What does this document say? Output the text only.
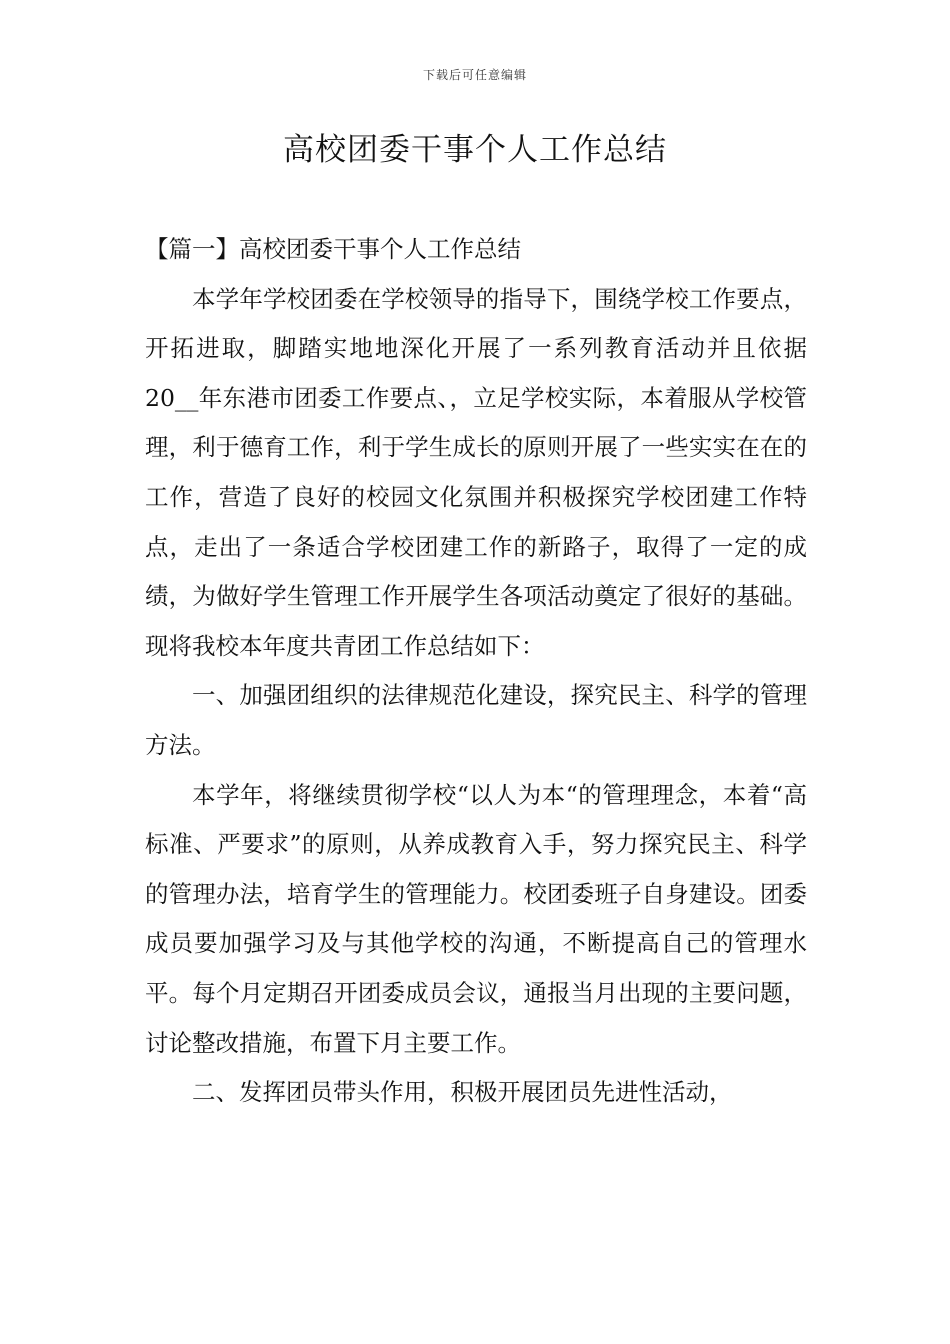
下载后可任意编辑
高校团委干事个人工作总结

【篇一】高校团委干事个人工作总结

本学年学校团委在学校领导的指导下，围绕学校工作要点，开拓进取，脚踏实地地深化开展了一系列教育活动并且依据20__年东港市团委工作要点、，立足学校实际，本着服从学校管理，利于德育工作，利于学生成长的原则开展了一些实实在在的工作，营造了良好的校园文化氛围并积极探究学校团建工作特点，走出了一条适合学校团建工作的新路子，取得了一定的成绩，为做好学生管理工作开展学生各项活动奠定了很好的基础。现将我校本年度共青团工作总结如下：

一、加强团组织的法律规范化建设，探究民主、科学的管理方法。

本学年，将继续贯彻学校“以人为本“的管理理念，本着“高标准、严要求”的原则，从养成教育入手，努力探究民主、科学的管理办法，培育学生的管理能力。校团委班子自身建设。团委成员要加强学习及与其他学校的沟通，不断提高自己的管理水平。每个月定期召开团委成员会议，通报当月出现的主要问题，讨论整改措施，布置下月主要工作。

二、发挥团员带头作用，积极开展团员先进性活动，
